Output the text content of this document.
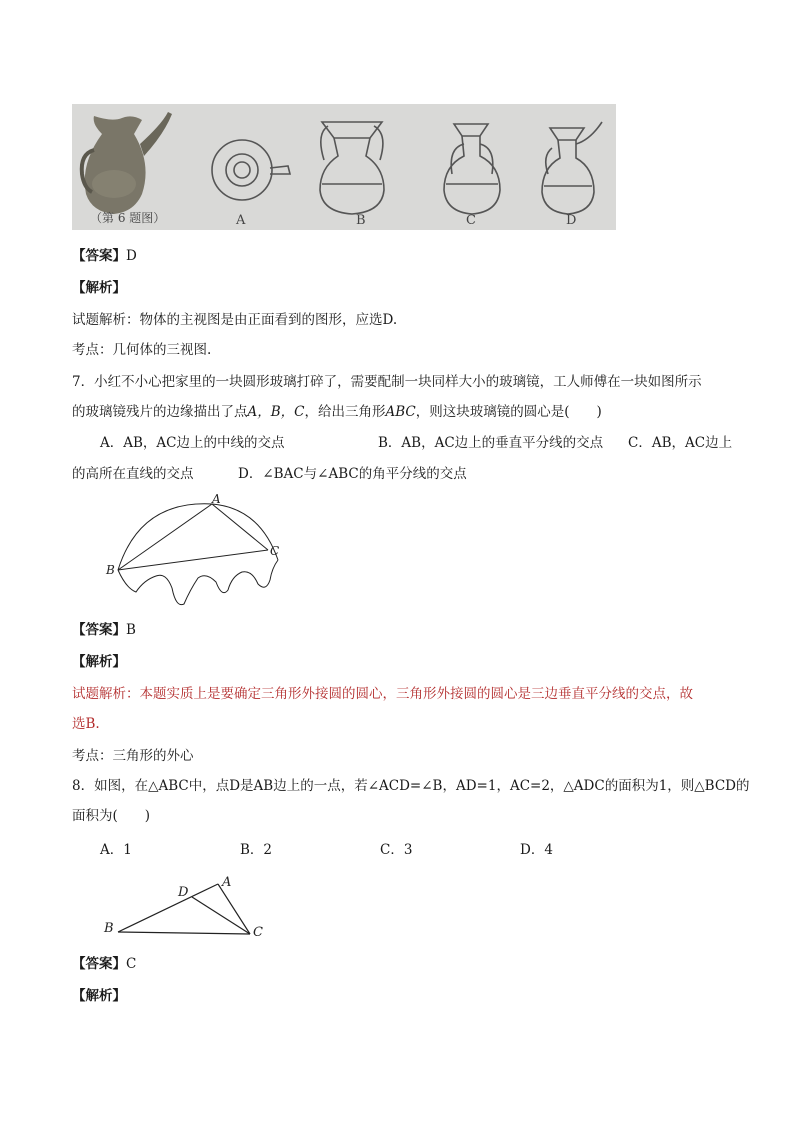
（第 6 题图）	A	B	C	D
【答案】D
【解析】
试题解析：物体的主视图是由正面看到的图形，应选D.
考点：几何体的三视图.
7．小红不小心把家里的一块圆形玻璃打碎了，需要配制一块同样大小的玻璃镜，工人师傅在一块如图所示
的玻璃镜残片的边缘描出了点A，B，C，给出三角形ABC，则这块玻璃镜的圆心是(　　)
A．AB，AC边上的中线的交点	B．AB，AC边上的垂直平分线的交点 C．AB，AC边上
的高所在直线的交点	D．∠BAC与∠ABC的角平分线的交点
A
B
C
【答案】B
【解析】
试题解析：本题实质上是要确定三角形外接圆的圆心，三角形外接圆的圆心是三边垂直平分线的交点，故
选B.
考点：三角形的外心
8．如图，在△ABC中，点D是AB边上的一点，若∠ACD=∠B，AD=1，AC=2，△ADC的面积为1，则△BCD的
面积为(　　)
A．1	B．2	C．3	D．4
A
B	C
D
【答案】C
【解析】
